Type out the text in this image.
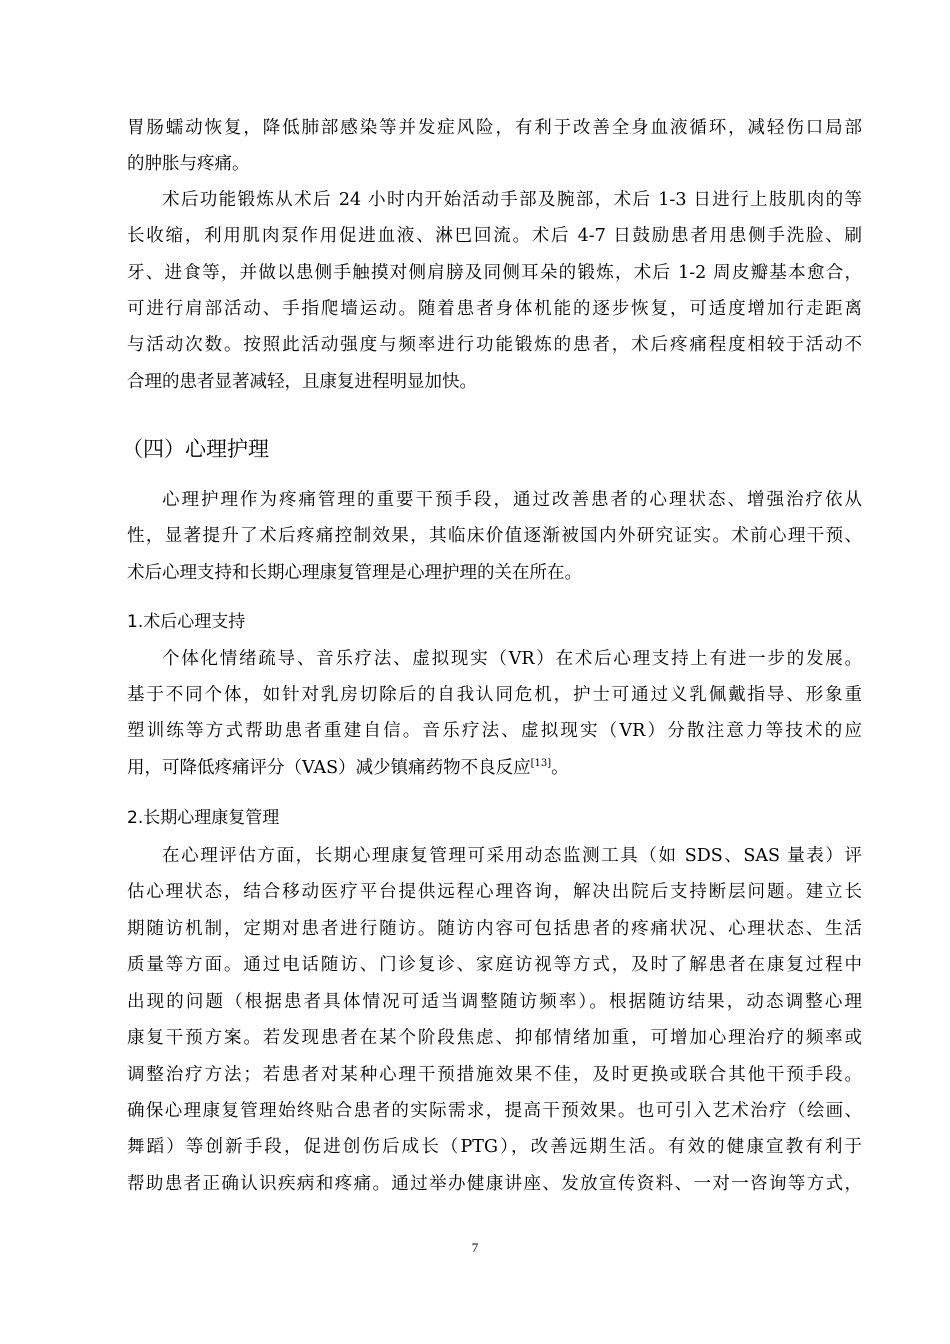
胃肠蠕动恢复，降低肺部感染等并发症风险，有利于改善全身血液循环，减轻伤口局部
的肿胀与疼痛。
术后功能锻炼从术后 24 小时内开始活动手部及腕部，术后 1-3 日进行上肢肌肉的等
长收缩，利用肌肉泵作用促进血液、淋巴回流。术后 4-7 日鼓励患者用患侧手洗脸、刷
牙、进食等，并做以患侧手触摸对侧肩膀及同侧耳朵的锻炼，术后 1-2 周皮瓣基本愈合，
可进行肩部活动、手指爬墙运动。随着患者身体机能的逐步恢复，可适度增加行走距离
与活动次数。按照此活动强度与频率进行功能锻炼的患者，术后疼痛程度相较于活动不
合理的患者显著减轻，且康复进程明显加快。
（四）心理护理
心理护理作为疼痛管理的重要干预手段，通过改善患者的心理状态、增强治疗依从
性，显著提升了术后疼痛控制效果，其临床价值逐渐被国内外研究证实。术前心理干预、
术后心理支持和长期心理康复管理是心理护理的关在所在。
1.术后心理支持
个体化情绪疏导、音乐疗法、虚拟现实（VR）在术后心理支持上有进一步的发展。
基于不同个体，如针对乳房切除后的自我认同危机，护士可通过义乳佩戴指导、形象重
塑训练等方式帮助患者重建自信。音乐疗法、虚拟现实（VR）分散注意力等技术的应
用，可降低疼痛评分（VAS）减少镇痛药物不良反应[13]。
2.长期心理康复管理
在心理评估方面，长期心理康复管理可采用动态监测工具（如 SDS、SAS 量表）评
估心理状态，结合移动医疗平台提供远程心理咨询，解决出院后支持断层问题。建立长
期随访机制，定期对患者进行随访。随访内容可包括患者的疼痛状况、心理状态、生活
质量等方面。通过电话随访、门诊复诊、家庭访视等方式，及时了解患者在康复过程中
出现的问题（根据患者具体情况可适当调整随访频率）。根据随访结果，动态调整心理
康复干预方案。若发现患者在某个阶段焦虑、抑郁情绪加重，可增加心理治疗的频率或
调整治疗方法；若患者对某种心理干预措施效果不佳，及时更换或联合其他干预手段。
确保心理康复管理始终贴合患者的实际需求，提高干预效果。也可引入艺术治疗（绘画、
舞蹈）等创新手段，促进创伤后成长（PTG），改善远期生活。有效的健康宣教有利于
帮助患者正确认识疾病和疼痛。通过举办健康讲座、发放宣传资料、一对一咨询等方式，
7
